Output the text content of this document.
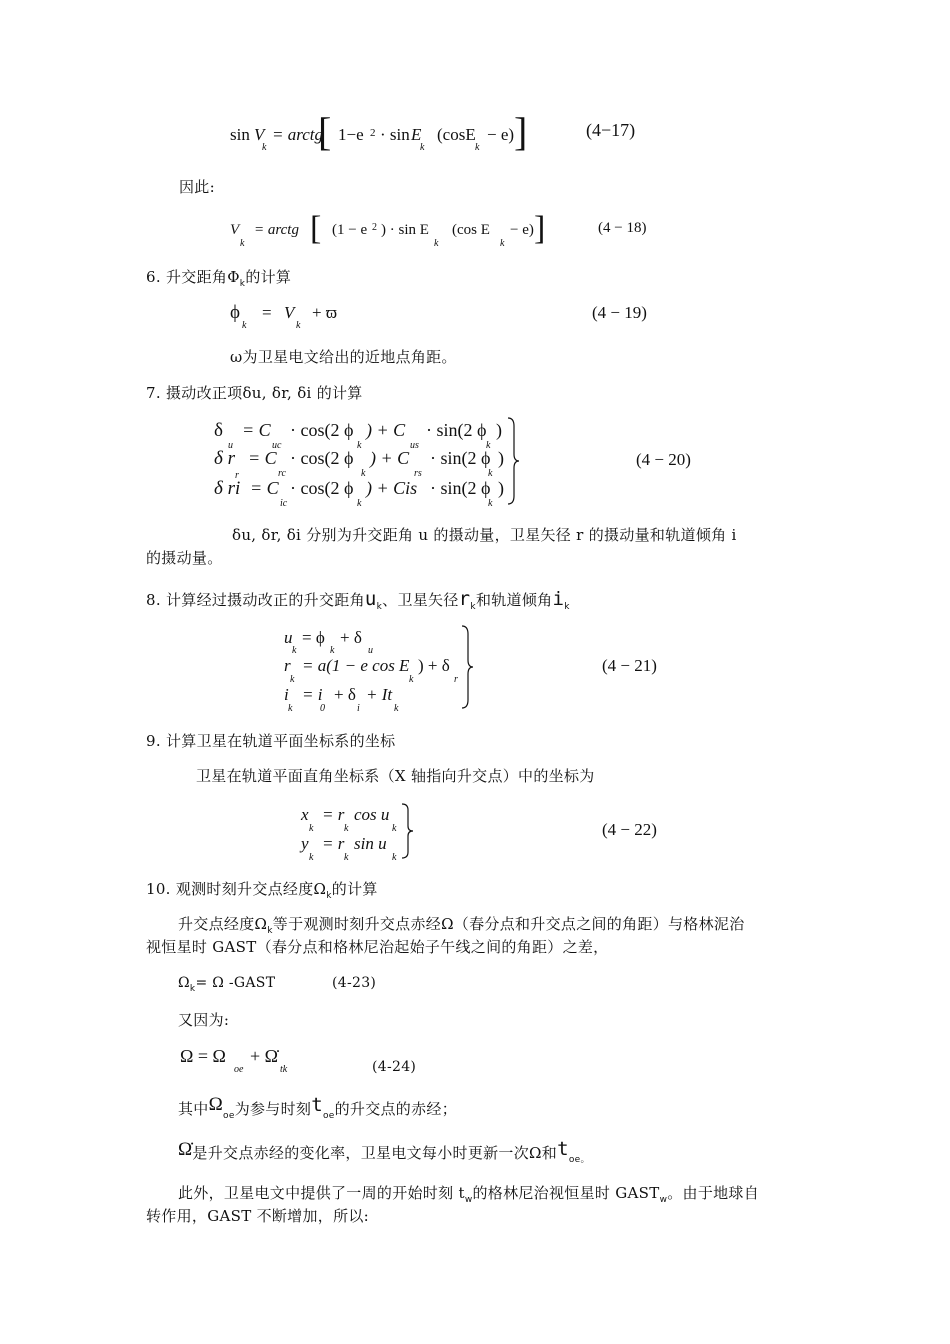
sin V
k
= arctg
[ 1−e 2 · sin E
k
(cosE
k
− e) ]	(4−17)
因此:
V
k
= arctg [ (1 − e 2 ) · sin E
k
(cos E
k
− e) ]	(4 − 18)
6. 升交距角$\Phi_k$的计算
ϕ
k
= V
k
+ ϖ	(4 − 19)
ω为卫星电文给出的近地点角距。
7. 摄动改正项δu, δr, δi 的计算
δ
u
= C
uc
· cos(2 ϕ
k
) + C
us
· sin(2 ϕ
k
)
δ r
r
= C
rc
· cos(2 ϕ
k
) + C
rs
· sin(2 ϕ
k
)
δ ri = C
ic
· cos(2 ϕ
k
) + Cis · sin(2 ϕ
k
)
(4 − 20)
δu, δr, δi 分别为升交距角 u 的摄动量，卫星矢径 r 的摄动量和轨道倾角 i
的摄动量。
8. 计算经过摄动改正的升交距角$u_k$、卫星矢径$r_k$和轨道倾角$i_k$
u
k
= ϕ
k
+ δ
u
r
k
= a(1 − e cos E
k
) + δ
r
i
k
= i
0
+ δ
i
+ It
k
(4 − 21)
9. 计算卫星在轨道平面坐标系的坐标
卫星在轨道平面直角坐标系（X 轴指向升交点）中的坐标为
x
k
= r
k
cos u
k
y
k
= r
k
sin u
k
(4 − 22)
10. 观测时刻升交点经度$\Omega_k$的计算
升交点经度$\Omega_k$等于观测时刻升交点赤经Ω（春分点和升交点之间的角距）与格林泥治
视恒星时 GAST（春分点和格林尼治起始子午线之间的角距）之差，
$\Omega_k= \Omega$ -GAST	(4-23)
又因为:
Ω = Ω
oe
+ Ω̇
tk	(4-24)
其中$\Omega_{oe}$为参与时刻$t_{oe}$的升交点的赤经；
Ω̇是升交点赤经的变化率，卫星电文每小时更新一次Ω和$t_{oe。}$
此外，卫星电文中提供了一周的开始时刻 $t_w$的格林尼治视恒星时 $GAST_w$。由于地球自
转作用，GAST 不断增加，所以:
